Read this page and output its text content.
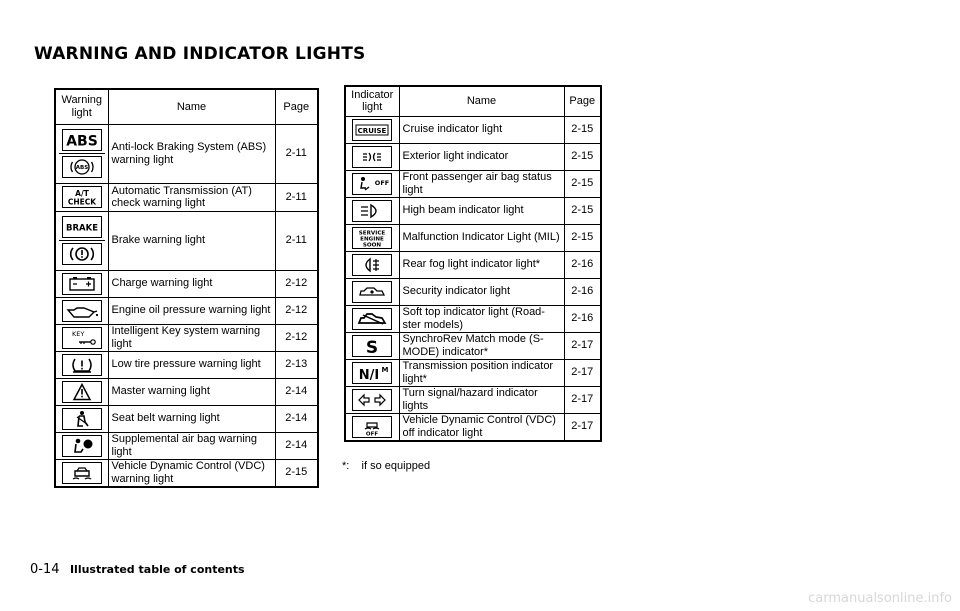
WARNING AND INDICATOR LIGHTS
Warning light	Name	Page

ABS
ABS	Anti-lock Braking System (ABS) warning light	2-11

A/T
CHECK	Automatic Transmission (AT) check warning light	2-11

BRAKE	Brake warning light	2-11

	Charge warning light	2-12

	Engine oil pressure warning light	2-12

KEY	Intelligent Key system warning light	2-12

	Low tire pressure warning light	2-13

	Master warning light	2-14

	Seat belt warning light	2-14

	Supplemental air bag warning light	2-14

	Vehicle Dynamic Control (VDC) warning light	2-15
Indicator light	Name	Page

CRUISE	Cruise indicator light	2-15

	Exterior light indicator	2-15

OFF	Front passenger air bag status light	2-15

	High beam indicator light	2-15

SERVICE
ENGINE
SOON	Malfunction Indicator Light (MIL)	2-15

	Rear fog light indicator light*	2-16

	Security indicator light	2-16

	Soft top indicator light (Road-ster models)	2-16

S	SynchroRev Match mode (S-MODE) indicator*	2-17

N/I M	Transmission position indicator light*	2-17

	Turn signal/hazard indicator lights	2-17

OFF	Vehicle Dynamic Control (VDC) off indicator light	2-17

*:    if so equipped

0-14 Illustrated table of contents
carmanualsonline.info
